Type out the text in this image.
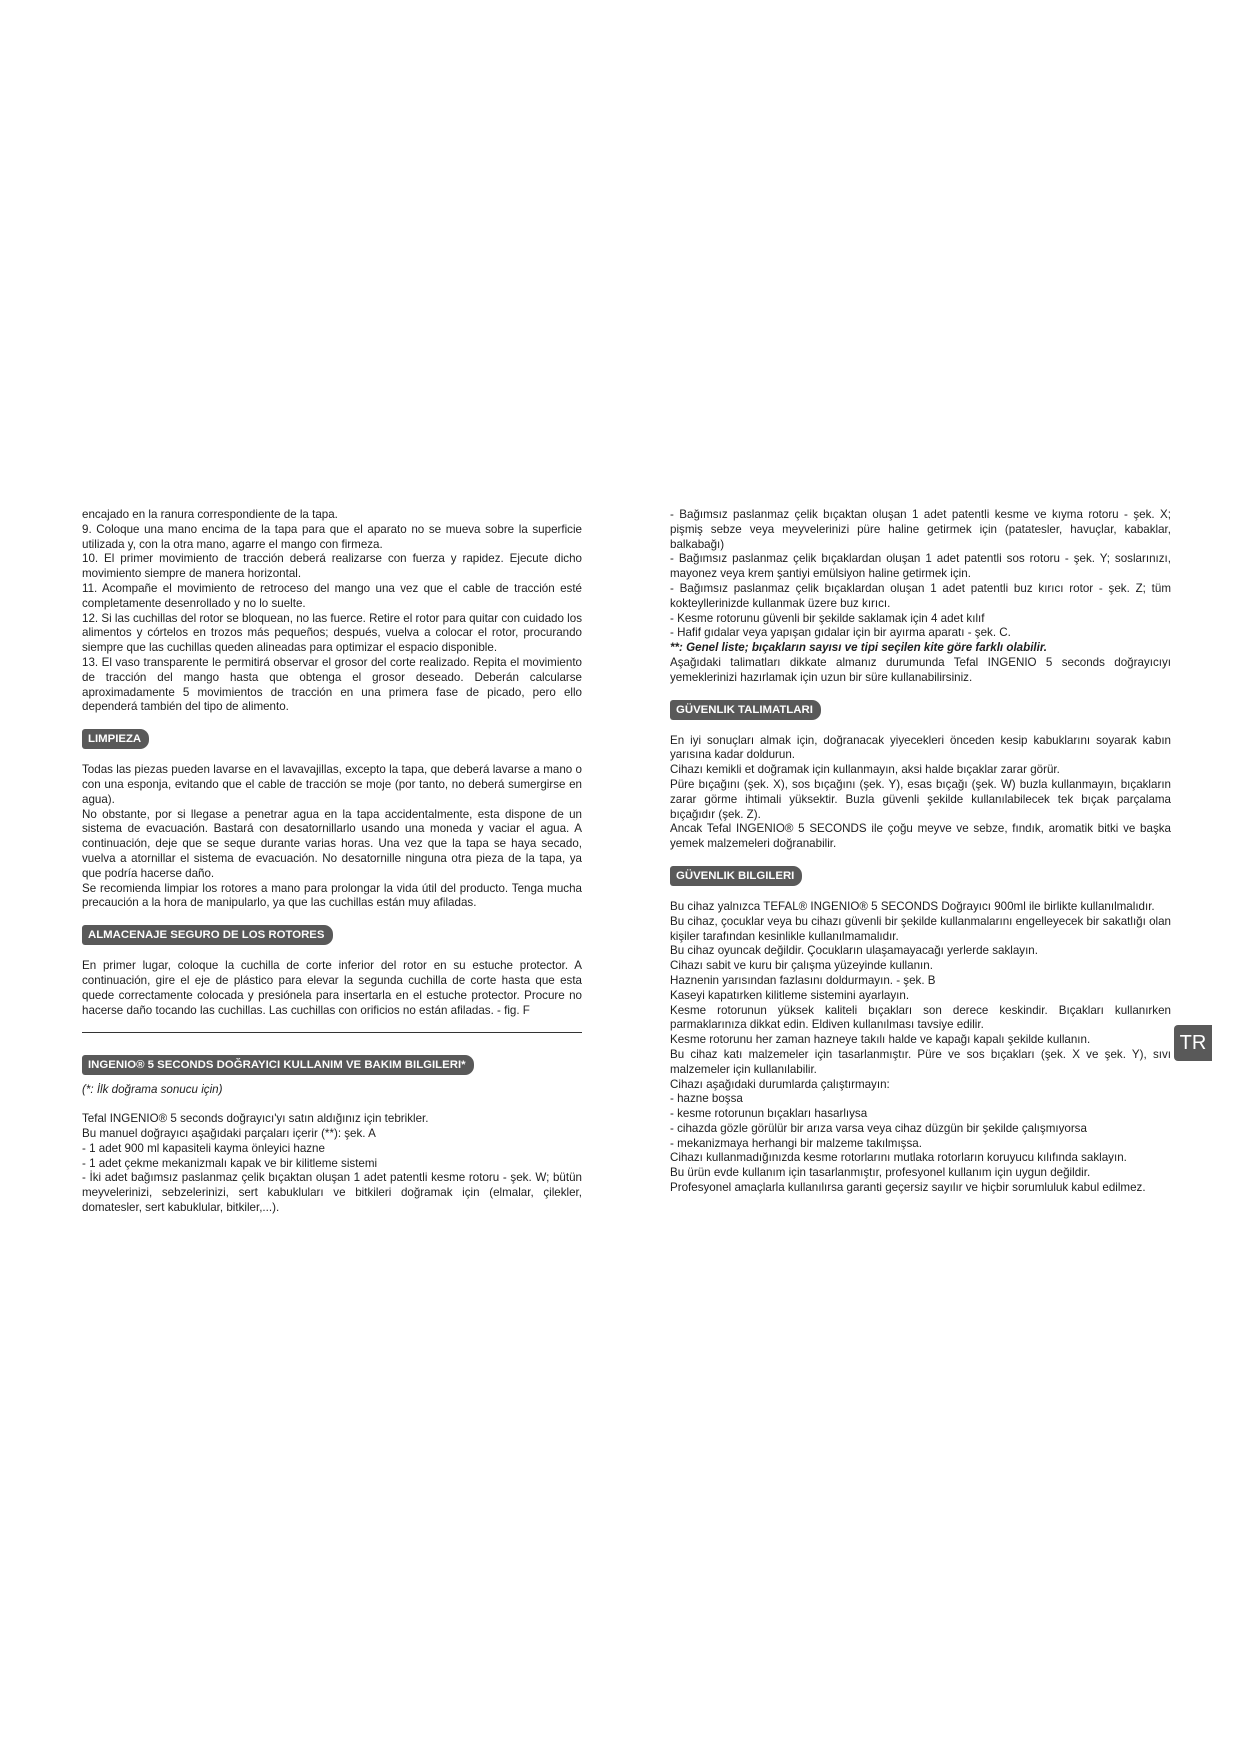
encajado en la ranura correspondiente de la tapa.

9. Coloque una mano encima de la tapa para que el aparato no se mueva sobre la superficie utilizada y, con la otra mano, agarre el mango con firmeza.

10. El primer movimiento de tracción deberá realizarse con fuerza y rapidez. Ejecute dicho movimiento siempre de manera horizontal.

11. Acompañe el movimiento de retroceso del mango una vez que el cable de tracción esté completamente desenrollado y no lo suelte.

12. Si las cuchillas del rotor se bloquean, no las fuerce. Retire el rotor para quitar con cuidado los alimentos y córtelos en trozos más pequeños; después, vuelva a colocar el rotor, procurando siempre que las cuchillas queden alineadas para optimizar el espacio disponible.

13. El vaso transparente le permitirá observar el grosor del corte realizado. Repita el movimiento de tracción del mango hasta que obtenga el grosor deseado. Deberán calcularse aproximadamente 5 movimientos de tracción en una primera fase de picado, pero ello dependerá también del tipo de alimento.

LIMPIEZA

Todas las piezas pueden lavarse en el lavavajillas, excepto la tapa, que deberá lavarse a mano o con una esponja, evitando que el cable de tracción se moje (por tanto, no deberá sumergirse en agua).

No obstante, por si llegase a penetrar agua en la tapa accidentalmente, esta dispone de un sistema de evacuación. Bastará con desatornillarlo usando una moneda y vaciar el agua. A continuación, deje que se seque durante varias horas. Una vez que la tapa se haya secado, vuelva a atornillar el sistema de evacuación. No desatornille ninguna otra pieza de la tapa, ya que podría hacerse daño.

Se recomienda limpiar los rotores a mano para prolongar la vida útil del producto. Tenga mucha precaución a la hora de manipularlo, ya que las cuchillas están muy afiladas.

ALMACENAJE SEGURO DE LOS ROTORES

En primer lugar, coloque la cuchilla de corte inferior del rotor en su estuche protector. A continuación, gire el eje de plástico para elevar la segunda cuchilla de corte hasta que esta quede correctamente colocada y presiónela para insertarla en el estuche protector. Procure no hacerse daño tocando las cuchillas. Las cuchillas con orificios no están afiladas. - fig. F

INGENIO® 5 SECONDS DOĞRAYICI KULLANIM VE BAKIM BILGILERI*

(*: İlk doğrama sonucu için)

Tefal INGENIO® 5 seconds doğrayıcı'yı satın aldığınız için tebrikler.

Bu manuel doğrayıcı aşağıdaki parçaları içerir (**): şek. A

- 1 adet 900 ml kapasiteli kayma önleyici hazne

- 1 adet çekme mekanizmalı kapak ve bir kilitleme sistemi

- İki adet bağımsız paslanmaz çelik bıçaktan oluşan 1 adet patentli kesme rotoru - şek. W; bütün meyvelerinizi, sebzelerinizi, sert kabukluları ve bitkileri doğramak için (elmalar, çilekler, domatesler, sert kabuklular, bitkiler,...).

- Bağımsız paslanmaz çelik bıçaktan oluşan 1 adet patentli kesme ve kıyma rotoru - şek. X; pişmiş sebze veya meyvelerinizi püre haline getirmek için (patatesler, havuçlar, kabaklar, balkabağı)

- Bağımsız paslanmaz çelik bıçaklardan oluşan 1 adet patentli sos rotoru - şek. Y; soslarınızı, mayonez veya krem şantiyi emülsiyon haline getirmek için.

- Bağımsız paslanmaz çelik bıçaklardan oluşan 1 adet patentli buz kırıcı rotor - şek. Z; tüm kokteyllerinizde kullanmak üzere buz kırıcı.

- Kesme rotorunu güvenli bir şekilde saklamak için 4 adet kılıf

- Hafif gıdalar veya yapışan gıdalar için bir ayırma aparatı - şek. C.

**: Genel liste; bıçakların sayısı ve tipi seçilen kite göre farklı olabilir.

Aşağıdaki talimatları dikkate almanız durumunda Tefal INGENIO 5 seconds doğrayıcıyı yemeklerinizi hazırlamak için uzun bir süre kullanabilirsiniz.

GÜVENLIK TALIMATLARI

En iyi sonuçları almak için, doğranacak yiyecekleri önceden kesip kabuklarını soyarak kabın yarısına kadar doldurun.

Cihazı kemikli et doğramak için kullanmayın, aksi halde bıçaklar zarar görür.

Püre bıçağını (şek. X), sos bıçağını (şek. Y), esas bıçağı (şek. W) buzla kullanmayın, bıçakların zarar görme ihtimali yüksektir. Buzla güvenli şekilde kullanılabilecek tek bıçak parçalama bıçağıdır (şek. Z).

Ancak Tefal INGENIO® 5 SECONDS ile çoğu meyve ve sebze, fındık, aromatik bitki ve başka yemek malzemeleri doğranabilir.

GÜVENLIK BILGILERI

Bu cihaz yalnızca TEFAL® INGENIO® 5 SECONDS Doğrayıcı 900ml ile birlikte kullanılmalıdır.

Bu cihaz, çocuklar veya bu cihazı güvenli bir şekilde kullanmalarını engelleyecek bir sakatlığı olan kişiler tarafından kesinlikle kullanılmamalıdır.

Bu cihaz oyuncak değildir. Çocukların ulaşamayacağı yerlerde saklayın.

Cihazı sabit ve kuru bir çalışma yüzeyinde kullanın.

Haznenin yarısından fazlasını doldurmayın. - şek. B

Kaseyi kapatırken kilitleme sistemini ayarlayın.

Kesme rotorunun yüksek kaliteli bıçakları son derece keskindir. Bıçakları kullanırken parmaklarınıza dikkat edin. Eldiven kullanılması tavsiye edilir.

Kesme rotorunu her zaman hazneye takılı halde ve kapağı kapalı şekilde kullanın.

Bu cihaz katı malzemeler için tasarlanmıştır. Püre ve sos bıçakları (şek. X ve şek. Y), sıvı malzemeler için kullanılabilir.

Cihazı aşağıdaki durumlarda çalıştırmayın:

- hazne boşsa

- kesme rotorunun bıçakları hasarlıysa

- cihazda gözle görülür bir arıza varsa veya cihaz düzgün bir şekilde çalışmıyorsa

- mekanizmaya herhangi bir malzeme takılmışsa.

Cihazı kullanmadığınızda kesme rotorlarını mutlaka rotorların koruyucu kılıfında saklayın.

Bu ürün evde kullanım için tasarlanmıştır, profesyonel kullanım için uygun değildir.

Profesyonel amaçlarla kullanılırsa garanti geçersiz sayılır ve hiçbir sorumluluk kabul edilmez.

TR
